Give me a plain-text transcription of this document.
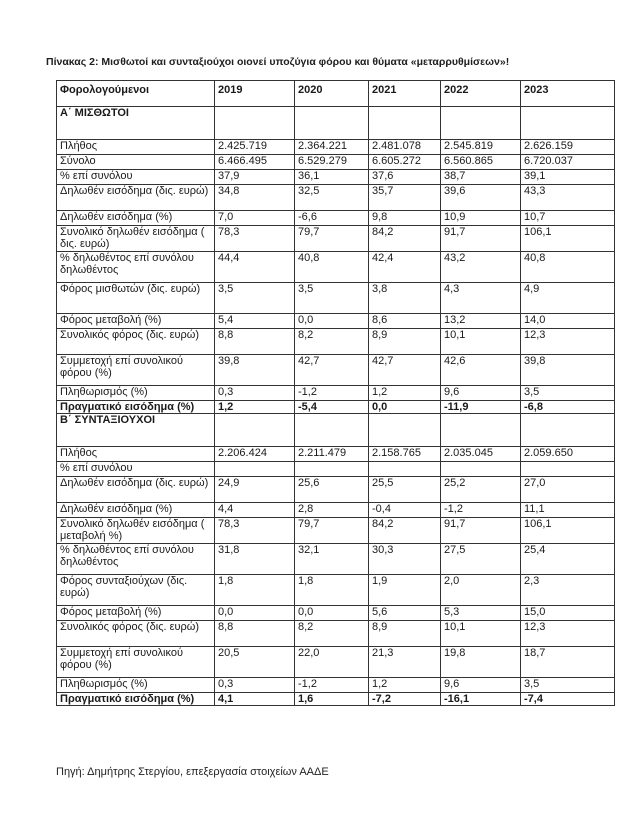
Πίνακας 2: Μισθωτοί και συνταξιούχοι οιονεί υποζύγια φόρου και θύματα «μεταρρυθμίσεων»!
Φορολογούμενοι	2019	2020	2021	2022	2023
Α΄ ΜΙΣΘΩΤΟΙ					
Πλήθος	2.425.719	2.364.221	2.481.078	2.545.819	2.626.159
Σύνολο	6.466.495	6.529.279	6.605.272	6.560.865	6.720.037
% επί συνόλου	37,9	36,1	37,6	38,7	39,1
Δηλωθέν εισόδημα (δις. ευρώ)	34,8	32,5	35,7	39,6	43,3
Δηλωθέν εισόδημα (%)	7,0	-6,6	9,8	10,9	10,7
Συνολικό δηλωθέν εισόδημα ( δις. ευρώ)	78,3	79,7	84,2	91,7	106,1
% δηλωθέντος επί συνόλου δηλωθέντος	44,4	40,8	42,4	43,2	40,8
Φόρος μισθωτών (δις. ευρώ)	3,5	3,5	3,8	4,3	4,9
Φόρος μεταβολή (%)	5,4	0,0	8,6	13,2	14,0
Συνολικός φόρος (δις. ευρώ)	8,8	8,2	8,9	10,1	12,3
Συμμετοχή επί συνολικού φόρου (%)	39,8	42,7	42,7	42,6	39,8
Πληθωρισμός (%)	0,3	-1,2	1,2	9,6	3,5
Πραγματικό εισόδημα (%)	1,2	-5,4	0,0	-11,9	-6,8
Β΄ ΣΥΝΤΑΞΙΟΥΧΟΙ					
Πλήθος	2.206.424	2.211.479	2.158.765	2.035.045	2.059.650
% επί συνόλου					
Δηλωθέν εισόδημα (δις. ευρώ)	24,9	25,6	25,5	25,2	27,0
Δηλωθέν εισόδημα (%)	4,4	2,8	-0,4	-1,2	11,1
Συνολικό δηλωθέν εισόδημα ( μεταβολή %)	78,3	79,7	84,2	91,7	106,1
% δηλωθέντος επί συνόλου δηλωθέντος	31,8	32,1	30,3	27,5	25,4
Φόρος συνταξιούχων (δις. ευρώ)	1,8	1,8	1,9	2,0	2,3
Φόρος μεταβολή (%)	0,0	0,0	5,6	5,3	15,0
Συνολικός φόρος (δις. ευρώ)	8,8	8,2	8,9	10,1	12,3
Συμμετοχή επί συνολικού φόρου (%)	20,5	22,0	21,3	19,8	18,7
Πληθωρισμός (%)	0,3	-1,2	1,2	9,6	3,5
Πραγματικό εισόδημα (%)	4,1	1,6	-7,2	-16,1	-7,4
Πηγή: Δημήτρης Στεργίου, επεξεργασία στοιχείων ΑΑΔΕ
